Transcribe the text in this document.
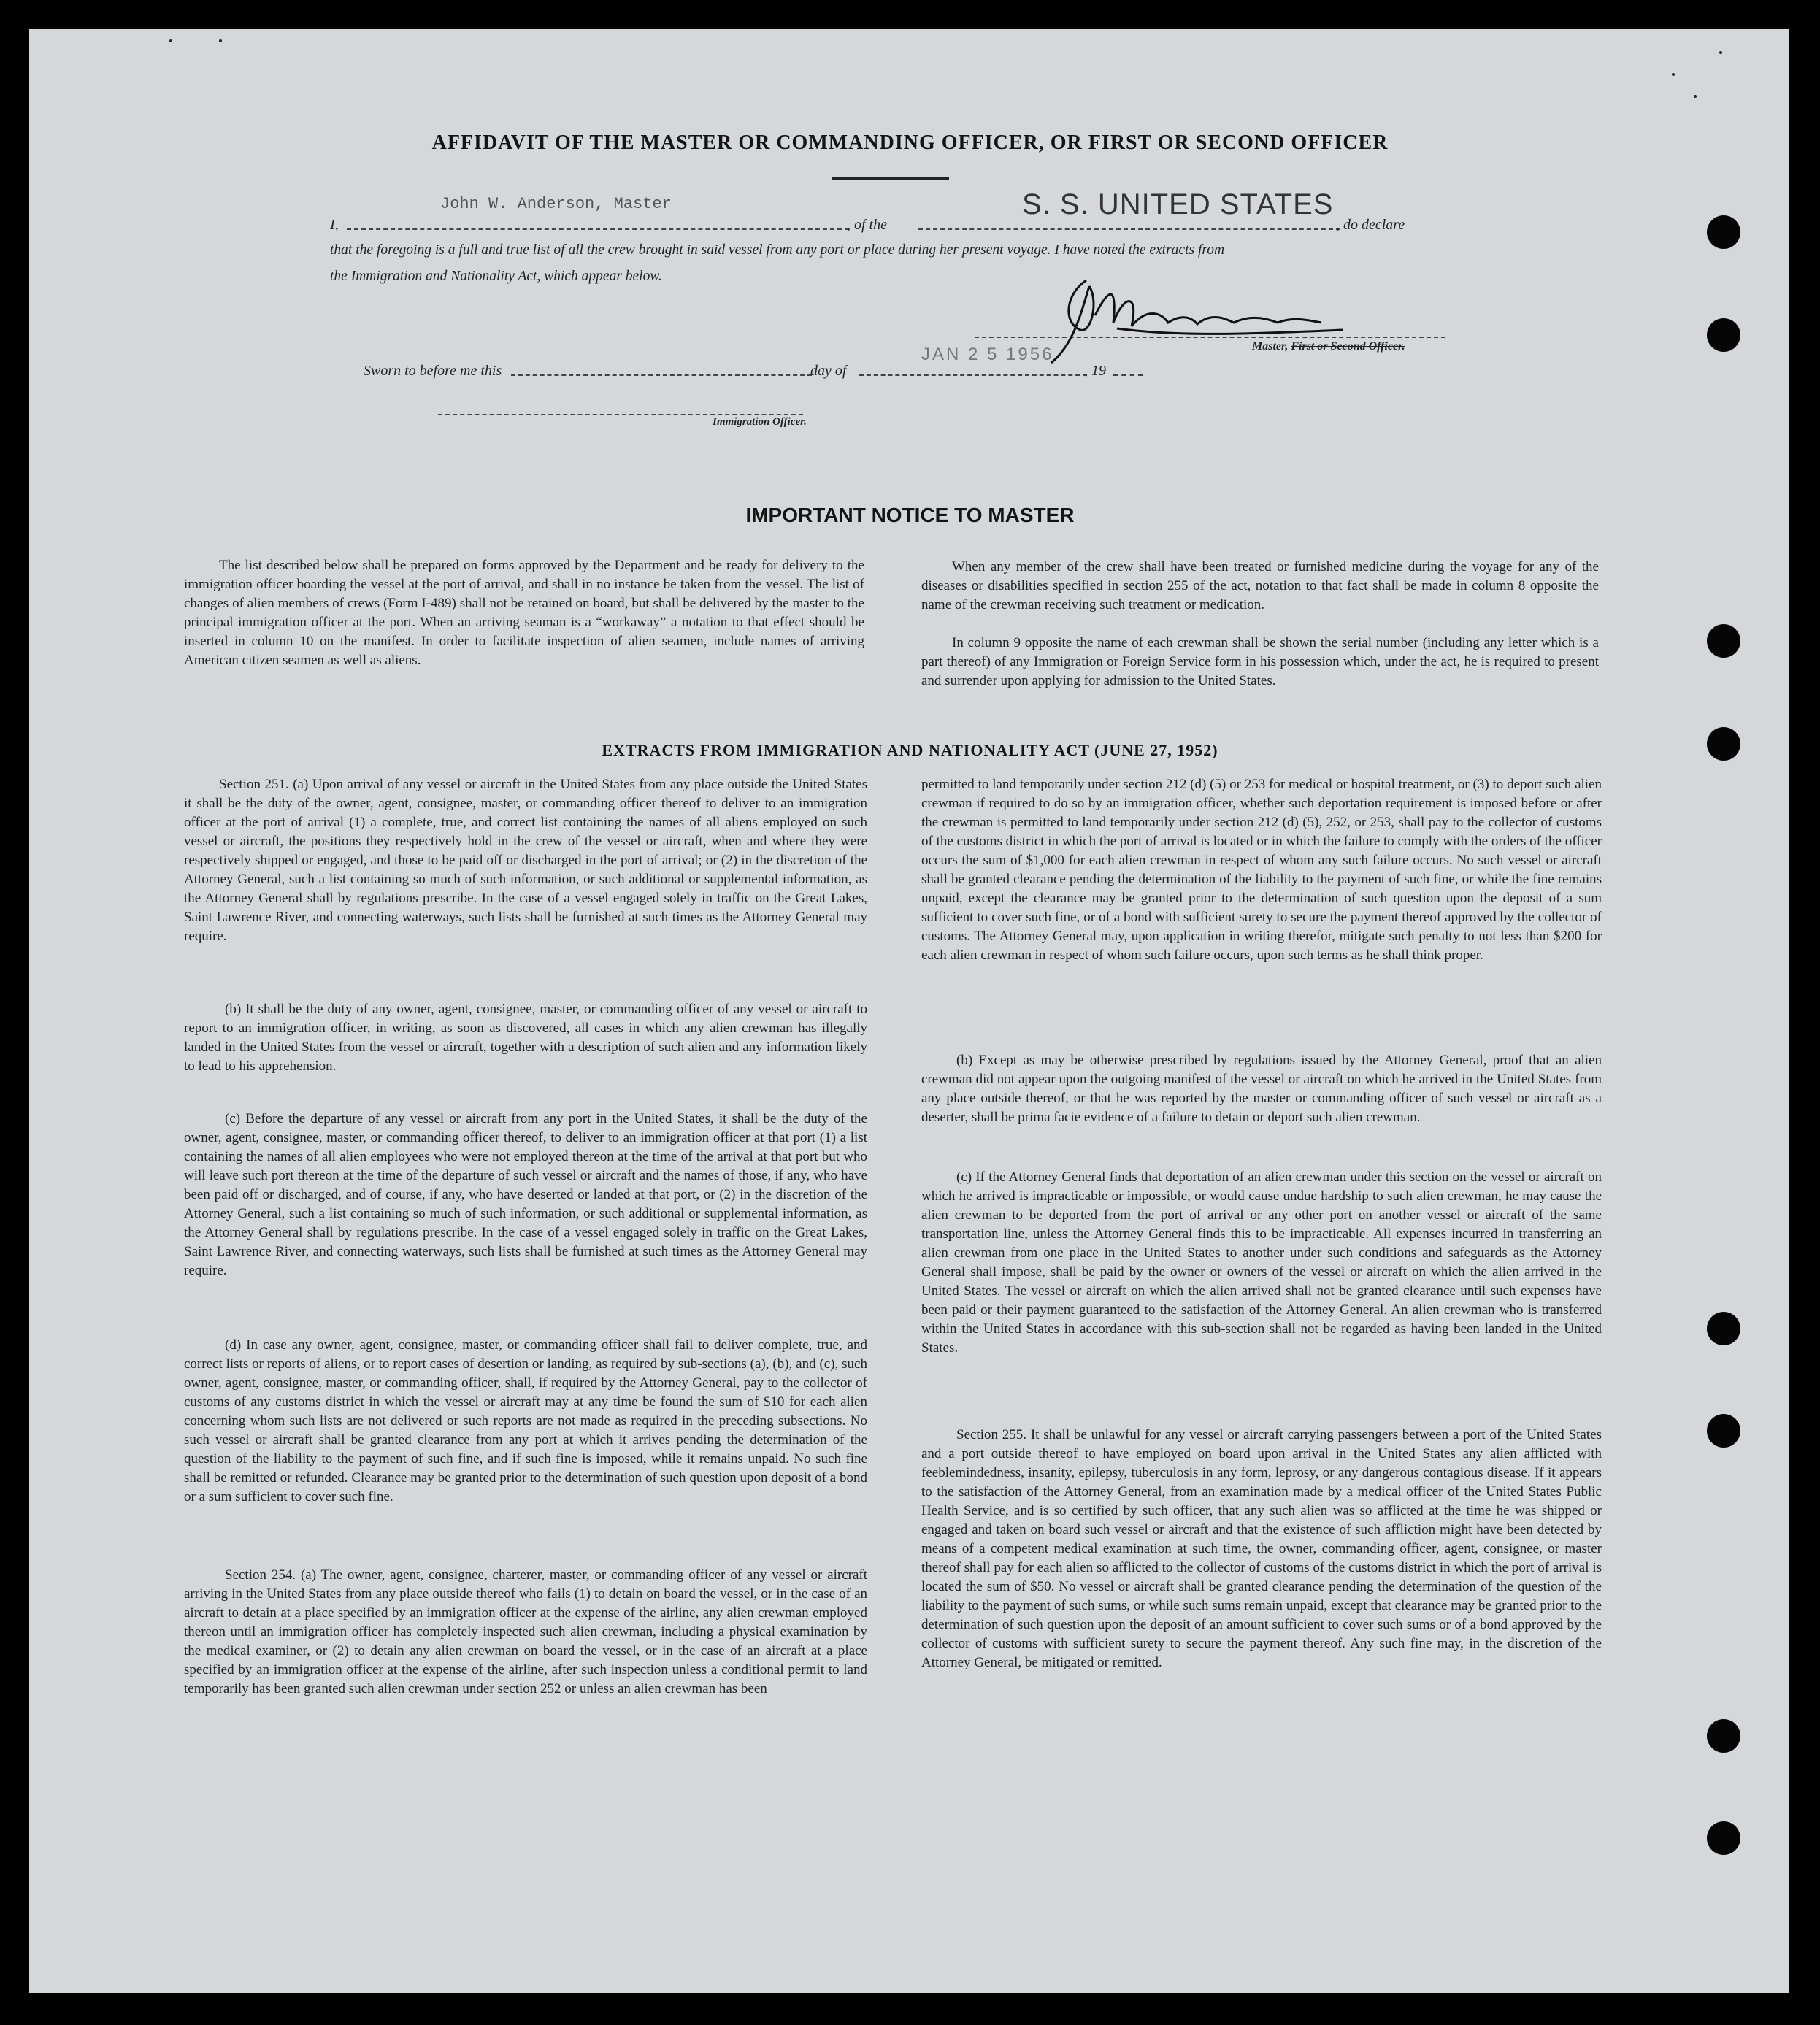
AFFIDAVIT OF THE MASTER OR COMMANDING OFFICER, OR FIRST OR SECOND OFFICER
I,
John W. Anderson, Master
, of the
S. S. UNITED STATES
, do declare
that the foregoing is a full and true list of all the crew brought in said vessel from any port or place during her present voyage. I have noted the extracts from
the Immigration and Nationality Act, which appear below.
Master, First or Second Officer.
Sworn to before me this	day of
JAN 2 5 1956
, 19
Immigration Officer.
IMPORTANT NOTICE TO MASTER

The list described below shall be prepared on forms approved by the Department and be ready for delivery to the immigration officer boarding the vessel at the port of arrival, and shall in no instance be taken from the vessel. The list of changes of alien members of crews (Form I-489) shall not be retained on board, but shall be delivered by the master to the principal immigration officer at the port. When an arriving seaman is a “workaway” a notation to that effect should be inserted in column 10 on the manifest. In order to facilitate inspection of alien seamen, include names of arriving American citizen seamen as well as aliens.

When any member of the crew shall have been treated or furnished medicine during the voyage for any of the diseases or disabilities specified in section 255 of the act, notation to that fact shall be made in column 8 opposite the name of the crewman receiving such treatment or medication.

In column 9 opposite the name of each crewman shall be shown the serial number (including any letter which is a part thereof) of any Immigration or Foreign Service form in his possession which, under the act, he is required to present and surrender upon applying for admission to the United States.

EXTRACTS FROM IMMIGRATION AND NATIONALITY ACT (JUNE 27, 1952)

Section 251. (a) Upon arrival of any vessel or aircraft in the United States from any place outside the United States it shall be the duty of the owner, agent, consignee, master, or commanding officer thereof to deliver to an immigration officer at the port of arrival (1) a complete, true, and correct list containing the names of all aliens employed on such vessel or aircraft, the positions they respectively hold in the crew of the vessel or aircraft, when and where they were respectively shipped or engaged, and those to be paid off or discharged in the port of arrival; or (2) in the discretion of the Attorney General, such a list containing so much of such information, or such additional or supplemental information, as the Attorney General shall by regulations prescribe. In the case of a vessel engaged solely in traffic on the Great Lakes, Saint Lawrence River, and connecting waterways, such lists shall be furnished at such times as the Attorney General may require.

(b) It shall be the duty of any owner, agent, consignee, master, or commanding officer of any vessel or aircraft to report to an immigration officer, in writing, as soon as discovered, all cases in which any alien crewman has illegally landed in the United States from the vessel or aircraft, together with a description of such alien and any information likely to lead to his apprehension.

(c) Before the departure of any vessel or aircraft from any port in the United States, it shall be the duty of the owner, agent, consignee, master, or commanding officer thereof, to deliver to an immigration officer at that port (1) a list containing the names of all alien employees who were not employed thereon at the time of the arrival at that port but who will leave such port thereon at the time of the departure of such vessel or aircraft and the names of those, if any, who have been paid off or discharged, and of course, if any, who have deserted or landed at that port, or (2) in the discretion of the Attorney General, such a list containing so much of such information, or such additional or supplemental information, as the Attorney General shall by regulations prescribe. In the case of a vessel engaged solely in traffic on the Great Lakes, Saint Lawrence River, and connecting waterways, such lists shall be furnished at such times as the Attorney General may require.

(d) In case any owner, agent, consignee, master, or commanding officer shall fail to deliver complete, true, and correct lists or reports of aliens, or to report cases of desertion or landing, as required by sub-sections (a), (b), and (c), such owner, agent, consignee, master, or commanding officer, shall, if required by the Attorney General, pay to the collector of customs of any customs district in which the vessel or aircraft may at any time be found the sum of $10 for each alien concerning whom such lists are not delivered or such reports are not made as required in the preceding subsections. No such vessel or aircraft shall be granted clearance from any port at which it arrives pending the determination of the question of the liability to the payment of such fine, and if such fine is imposed, while it remains unpaid. No such fine shall be remitted or refunded. Clearance may be granted prior to the determination of such question upon deposit of a bond or a sum sufficient to cover such fine.

Section 254. (a) The owner, agent, consignee, charterer, master, or commanding officer of any vessel or aircraft arriving in the United States from any place outside thereof who fails (1) to detain on board the vessel, or in the case of an aircraft to detain at a place specified by an immigration officer at the expense of the airline, any alien crewman employed thereon until an immigration officer has completely inspected such alien crewman, including a physical examination by the medical examiner, or (2) to detain any alien crewman on board the vessel, or in the case of an aircraft at a place specified by an immigration officer at the expense of the airline, after such inspection unless a conditional permit to land temporarily has been granted such alien crewman under section 252 or unless an alien crewman has been

permitted to land temporarily under section 212 (d) (5) or 253 for medical or hospital treatment, or (3) to deport such alien crewman if required to do so by an immigration officer, whether such deportation requirement is imposed before or after the crewman is permitted to land temporarily under section 212 (d) (5), 252, or 253, shall pay to the collector of customs of the customs district in which the port of arrival is located or in which the failure to comply with the orders of the officer occurs the sum of $1,000 for each alien crewman in respect of whom any such failure occurs. No such vessel or aircraft shall be granted clearance pending the determination of the liability to the payment of such fine, or while the fine remains unpaid, except the clearance may be granted prior to the determination of such question upon the deposit of a sum sufficient to cover such fine, or of a bond with sufficient surety to secure the payment thereof approved by the collector of customs. The Attorney General may, upon application in writing therefor, mitigate such penalty to not less than $200 for each alien crewman in respect of whom such failure occurs, upon such terms as he shall think proper.

(b) Except as may be otherwise prescribed by regulations issued by the Attorney General, proof that an alien crewman did not appear upon the outgoing manifest of the vessel or aircraft on which he arrived in the United States from any place outside thereof, or that he was reported by the master or commanding officer of such vessel or aircraft as a deserter, shall be prima facie evidence of a failure to detain or deport such alien crewman.

(c) If the Attorney General finds that deportation of an alien crewman under this section on the vessel or aircraft on which he arrived is impracticable or impossible, or would cause undue hardship to such alien crewman, he may cause the alien crewman to be deported from the port of arrival or any other port on another vessel or aircraft of the same transportation line, unless the Attorney General finds this to be impracticable. All expenses incurred in transferring an alien crewman from one place in the United States to another under such conditions and safeguards as the Attorney General shall impose, shall be paid by the owner or owners of the vessel or aircraft on which the alien arrived in the United States. The vessel or aircraft on which the alien arrived shall not be granted clearance until such expenses have been paid or their payment guaranteed to the satisfaction of the Attorney General. An alien crewman who is transferred within the United States in accordance with this sub-section shall not be regarded as having been landed in the United States.

Section 255. It shall be unlawful for any vessel or aircraft carrying passengers between a port of the United States and a port outside thereof to have employed on board upon arrival in the United States any alien afflicted with feeblemindedness, insanity, epilepsy, tuberculosis in any form, leprosy, or any dangerous contagious disease. If it appears to the satisfaction of the Attorney General, from an examination made by a medical officer of the United States Public Health Service, and is so certified by such officer, that any such alien was so afflicted at the time he was shipped or engaged and taken on board such vessel or aircraft and that the existence of such affliction might have been detected by means of a competent medical examination at such time, the owner, commanding officer, agent, consignee, or master thereof shall pay for each alien so afflicted to the collector of customs of the customs district in which the port of arrival is located the sum of $50. No vessel or aircraft shall be granted clearance pending the determination of the question of the liability to the payment of such sums, or while such sums remain unpaid, except that clearance may be granted prior to the determination of such question upon the deposit of an amount sufficient to cover such sums or of a bond approved by the collector of customs with sufficient surety to secure the payment thereof. Any such fine may, in the discretion of the Attorney General, be mitigated or remitted.
